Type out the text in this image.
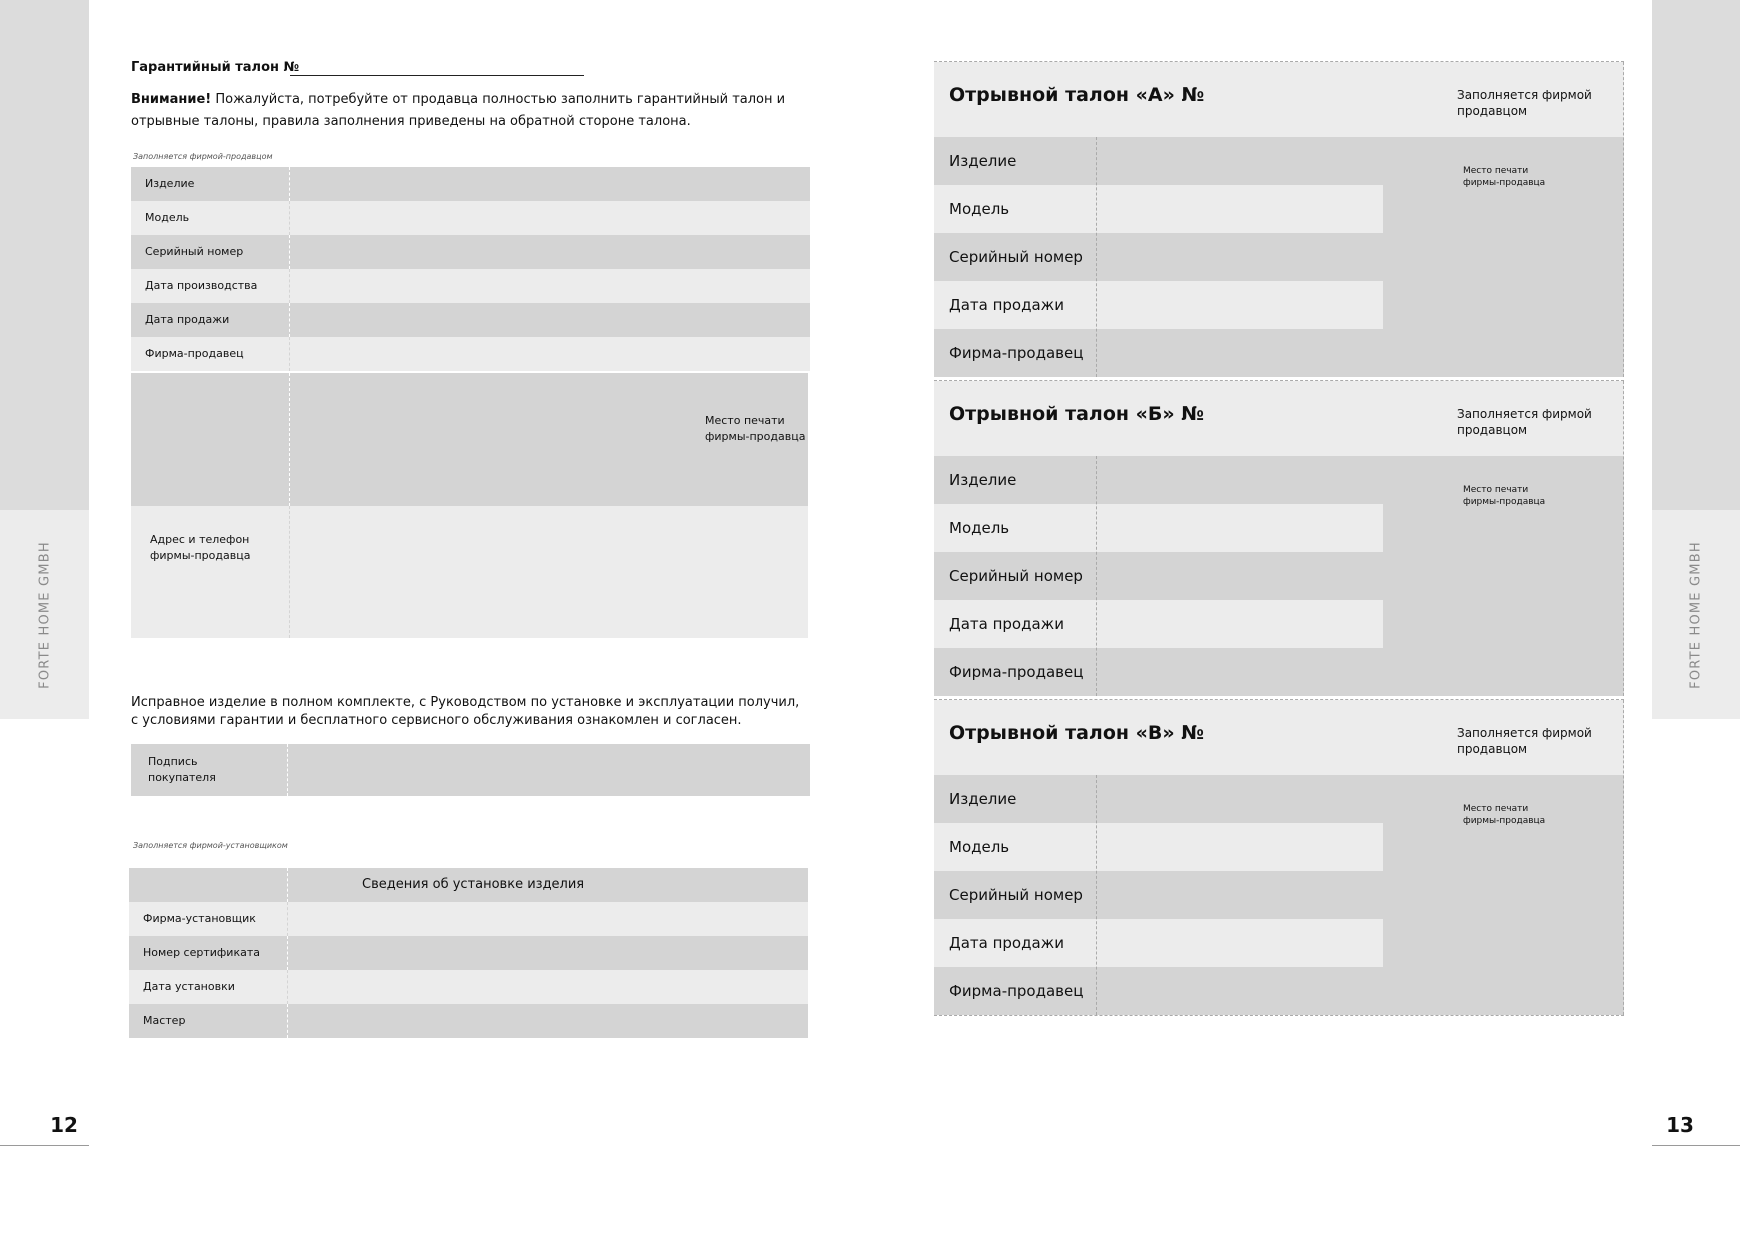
FORTE HOME GMBH
12
FORTE HOME GMBH
13
Гарантийный талон №
Внимание! Пожалуйста, потребуйте от продавца полностью заполнить гарантийный талон и отрывные талоны, правила заполнения приведены на обратной стороне талона.
Заполняется фирмой-продавцом
Изделие
Модель
Серийный номер
Дата производства
Дата продажи
Фирма-продавец
Место печати
фирмы-продавца
Адрес и телефон
фирмы-продавца
Исправное изделие в полном комплекте, с Руководством по установке и эксплуатации получил,
с условиями гарантии и бесплатного сервисного обслуживания ознакомлен и согласен.
Подпись
покупателя
Заполняется фирмой-установщиком
Сведения об установке изделия
Фирма-установщик
Номер сертификата
Дата установки
Мастер
Отрывной талон «А» №	Заполняется фирмой
продавцом
Изделие
Модель
Серийный номер
Дата продажи
Фирма-продавец
Место печати
фирмы-продавца
Отрывной талон «Б» №	Заполняется фирмой
продавцом
Изделие
Модель
Серийный номер
Дата продажи
Фирма-продавец
Место печати
фирмы-продавца
Отрывной талон «В» №	Заполняется фирмой
продавцом
Изделие
Модель
Серийный номер
Дата продажи
Фирма-продавец
Место печати
фирмы-продавца
